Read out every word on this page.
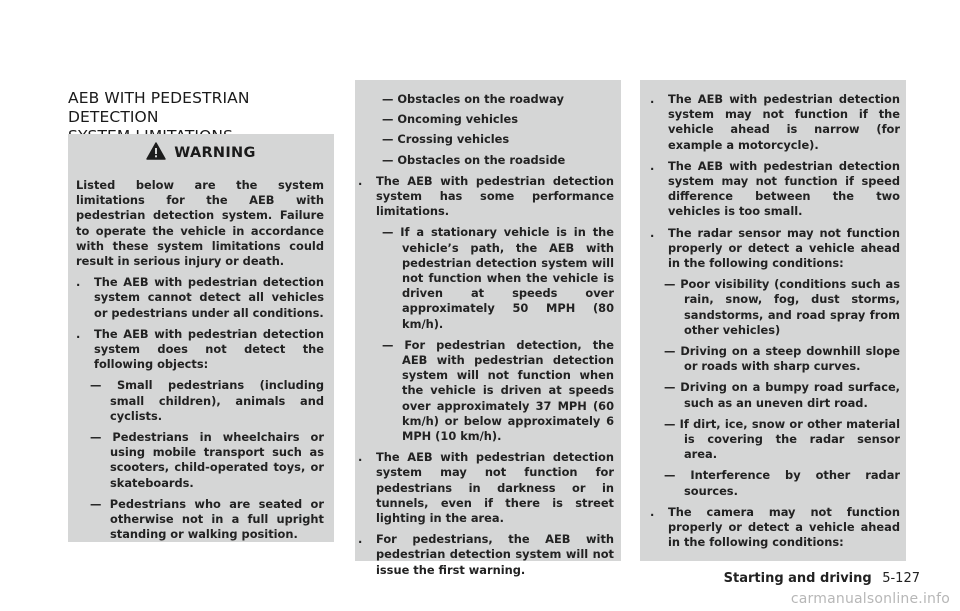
AEB WITH PEDESTRIAN DETECTION
WARNING

Listed below are the system limitations for the AEB with pedestrian detection system. Failure to operate the vehicle in accordance with these system limitations could result in serious injury or death.

.	The AEB with pedestrian detection system cannot detect all vehicles or pedestrians under all conditions.
.	The AEB with pedestrian detection system does not detect the following objects:
— Small pedestrians (including small children), animals and cyclists.
— Pedestrians in wheelchairs or using mobile transport such as scooters, child-operated toys, or skateboards.
— Pedestrians who are seated or otherwise not in a full upright standing or walking position.
— Obstacles on the roadway
— Oncoming vehicles
— Crossing vehicles
— Obstacles on the roadside
.	The AEB with pedestrian detection system has some performance limitations.
— If a stationary vehicle is in the vehicle’s path, the AEB with pedestrian detection system will not function when the vehicle is driven at speeds over approximately 50 MPH (80 km/h).
— For pedestrian detection, the AEB with pedestrian detection system will not function when the vehicle is driven at speeds over approximately 37 MPH (60 km/h) or below approximately 6 MPH (10 km/h).
.	The AEB with pedestrian detection system may not function for pedestrians in darkness or in tunnels, even if there is street lighting in the area.
.	For pedestrians, the AEB with pedestrian detection system will not issue the first warning.
.	The AEB with pedestrian detection system may not function if the vehicle ahead is narrow (for example a motorcycle).
.	The AEB with pedestrian detection system may not function if speed difference between the two vehicles is too small.
.	The radar sensor may not function properly or detect a vehicle ahead in the following conditions:
— Poor visibility (conditions such as rain, snow, fog, dust storms, sandstorms, and road spray from other vehicles)
— Driving on a steep downhill slope or roads with sharp curves.
— Driving on a bumpy road surface, such as an uneven dirt road.
— If dirt, ice, snow or other material is covering the radar sensor area.
— Interference by other radar sources.
.	The camera may not function properly or detect a vehicle ahead in the following conditions:
Starting and driving 5-127
carmanualsonline.info
